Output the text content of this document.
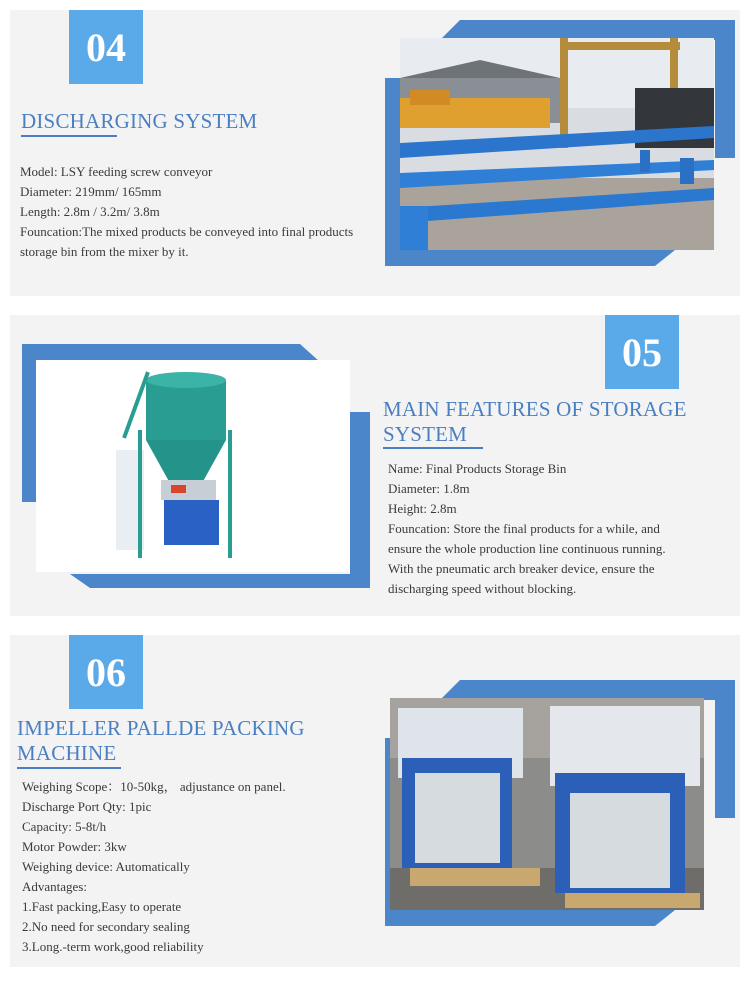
04
DISCHARGING SYSTEM
Model: LSY feeding screw conveyor
Diameter: 219mm/ 165mm
Length: 2.8m / 3.2m/ 3.8m
Founcation:The mixed products be conveyed into final products
storage bin from the mixer by it.
05
MAIN FEATURES OF STORAGE
SYSTEM
Name: Final Products Storage Bin
Diameter: 1.8m
Height: 2.8m
Founcation: Store the final products for a while, and
ensure the whole production line continuous running.
With the pneumatic arch breaker device, ensure the
discharging speed without blocking.
06
IMPELLER PALLDE PACKING
MACHINE
Weighing Scope：10-50kg， adjustance on panel.
Discharge Port Qty: 1pic
Capacity: 5-8t/h
Motor Powder: 3kw
Weighing device: Automatically
Advantages:
1.Fast packing,Easy to operate
2.No need for secondary sealing
3.Long.-term work,good reliability
